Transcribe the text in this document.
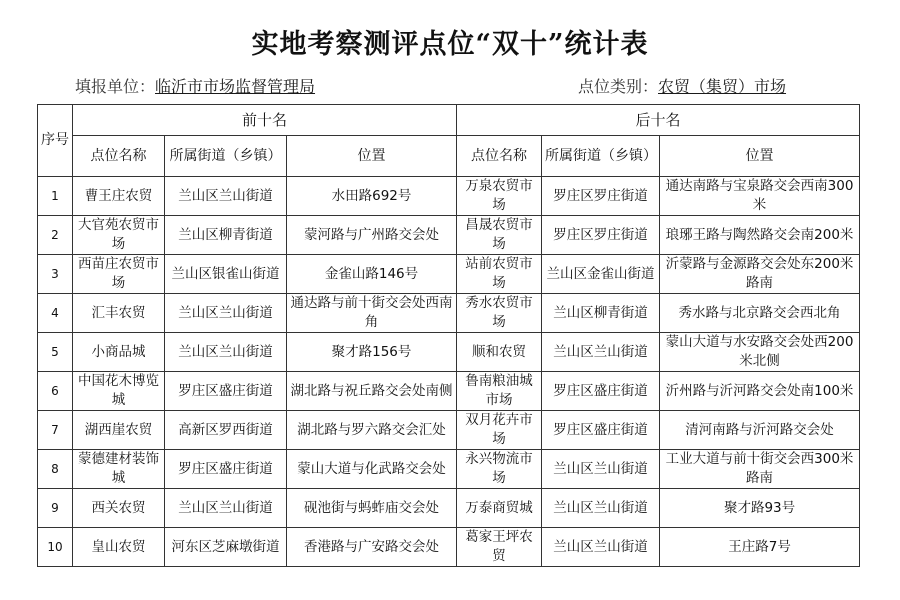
实地考察测评点位“双十”统计表
填报单位：临沂市市场监督管理局	点位类别：农贸（集贸）市场
序号	前十名			后十名		
	点位名称	所属街道（乡镇）	位置	点位名称	所属街道（乡镇）	位置
1	曹王庄农贸	兰山区兰山街道	水田路692号	万泉农贸市场	罗庄区罗庄街道	通达南路与宝泉路交会西南300米
2	大官苑农贸市场	兰山区柳青街道	蒙河路与广州路交会处	昌晟农贸市场	罗庄区罗庄街道	琅琊王路与陶然路交会南200米
3	西苗庄农贸市场	兰山区银雀山街道	金雀山路146号	站前农贸市场	兰山区金雀山街道	沂蒙路与金源路交会处东200米路南
4	汇丰农贸	兰山区兰山街道	通达路与前十街交会处西南角	秀水农贸市场	兰山区柳青街道	秀水路与北京路交会西北角
5	小商品城	兰山区兰山街道	聚才路156号	顺和农贸	兰山区兰山街道	蒙山大道与水安路交会处西200米北侧
6	中国花木博览城	罗庄区盛庄街道	湖北路与祝丘路交会处南侧	鲁南粮油城市场	罗庄区盛庄街道	沂州路与沂河路交会处南100米
7	湖西崖农贸	高新区罗西街道	湖北路与罗六路交会汇处	双月花卉市场	罗庄区盛庄街道	清河南路与沂河路交会处
8	蒙德建材装饰城	罗庄区盛庄街道	蒙山大道与化武路交会处	永兴物流市场	兰山区兰山街道	工业大道与前十街交会西300米路南
9	西关农贸	兰山区兰山街道	砚池街与蚂蚱庙交会处	万泰商贸城	兰山区兰山街道	聚才路93号
10	皇山农贸	河东区芝麻墩街道	香港路与广安路交会处	葛家王坪农贸	兰山区兰山街道	王庄路7号
